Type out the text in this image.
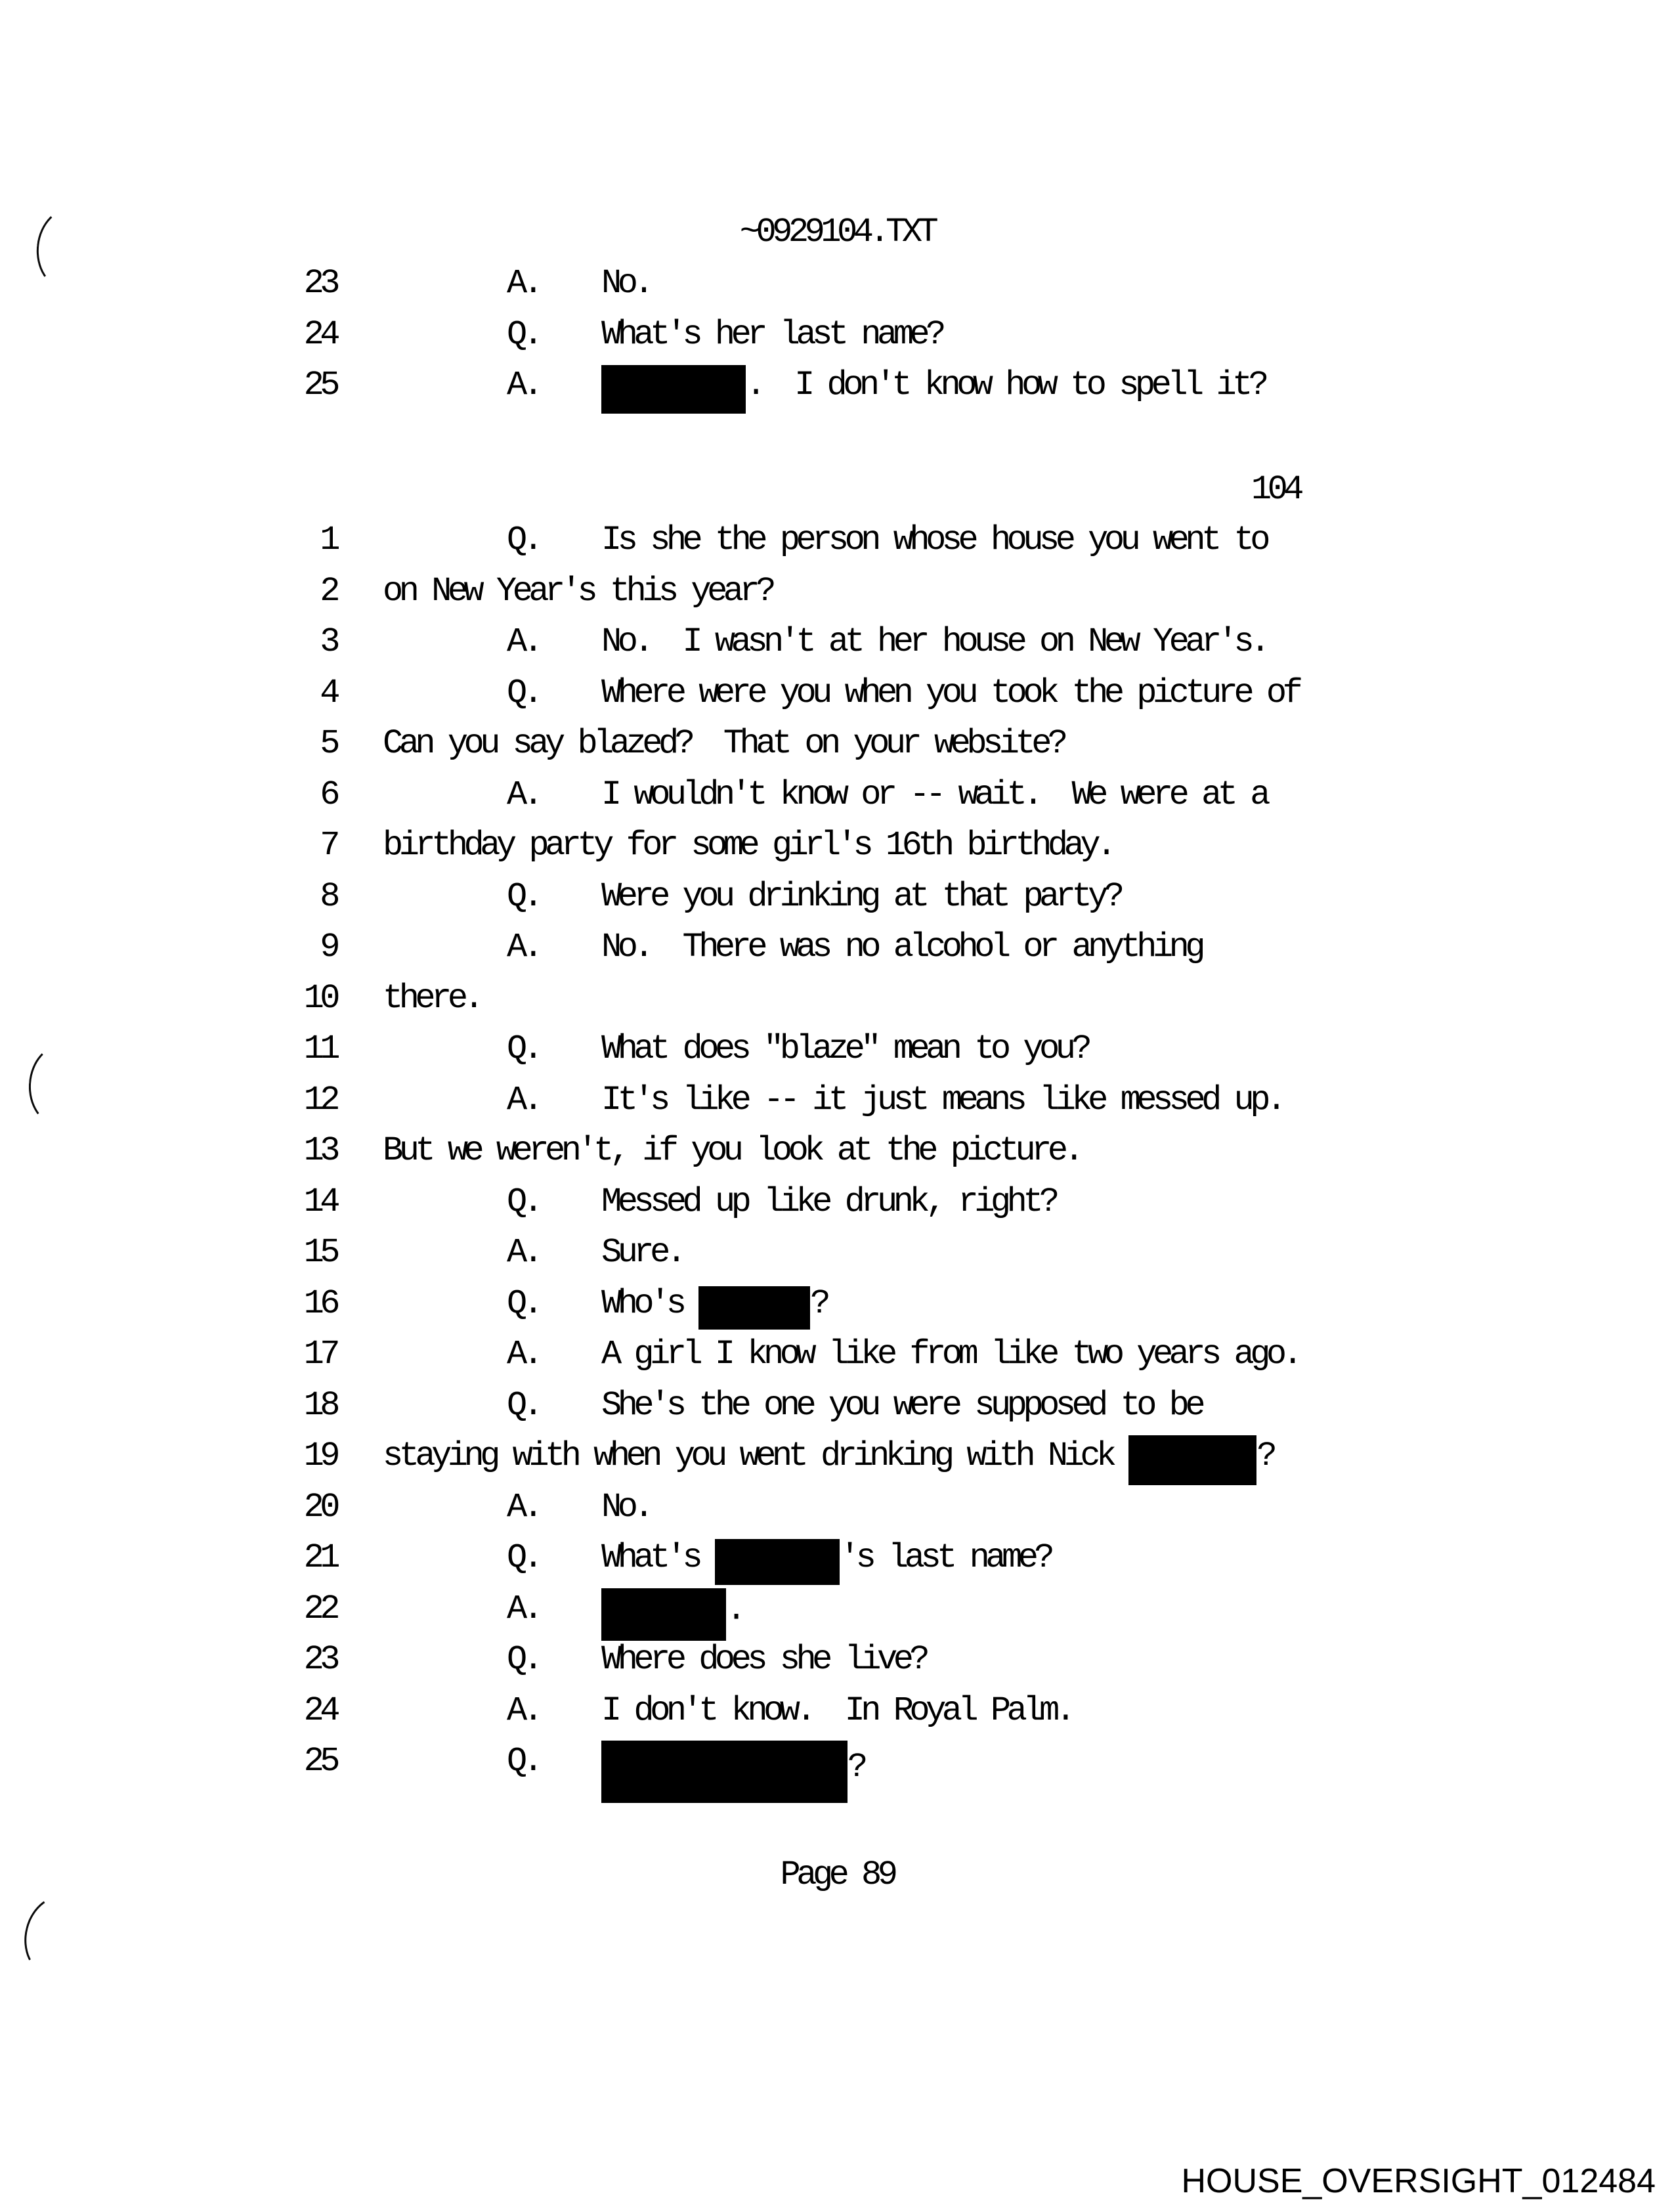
~0929104.TXT
104
23	A. No.
24	Q. What's her last name?
25	A.	.  I don't know how to spell it?
1	Q. Is she the person whose house you went to
2 on New Year's this year?
3	A. No.  I wasn't at her house on New Year's.
4	Q. Where were you when you took the picture of
5 Can you say blazed?  That on your website?
6	A. I wouldn't know or -- wait.  We were at a
7 birthday party for some girl's 16th birthday.
8	Q. Were you drinking at that party?
9	A. No.  There was no alcohol or anything
10 there.
11	Q. What does "blaze" mean to you?
12	A. It's like -- it just means like messed up.
13 But we weren't, if you look at the picture.
14	Q. Messed up like drunk, right?
15	A. Sure.
16	Q. Who's	?
17	A. A girl I know like from like two years ago.
18	Q. She's the one you were supposed to be
19 staying with when you went drinking with Nick	?
20	A. No.
21	Q. What's	's last name?
22	A.	.
23	Q. Where does she live?
24	A. I don't know.  In Royal Palm.
25	Q.	?
Page 89
HOUSE_OVERSIGHT_012484
